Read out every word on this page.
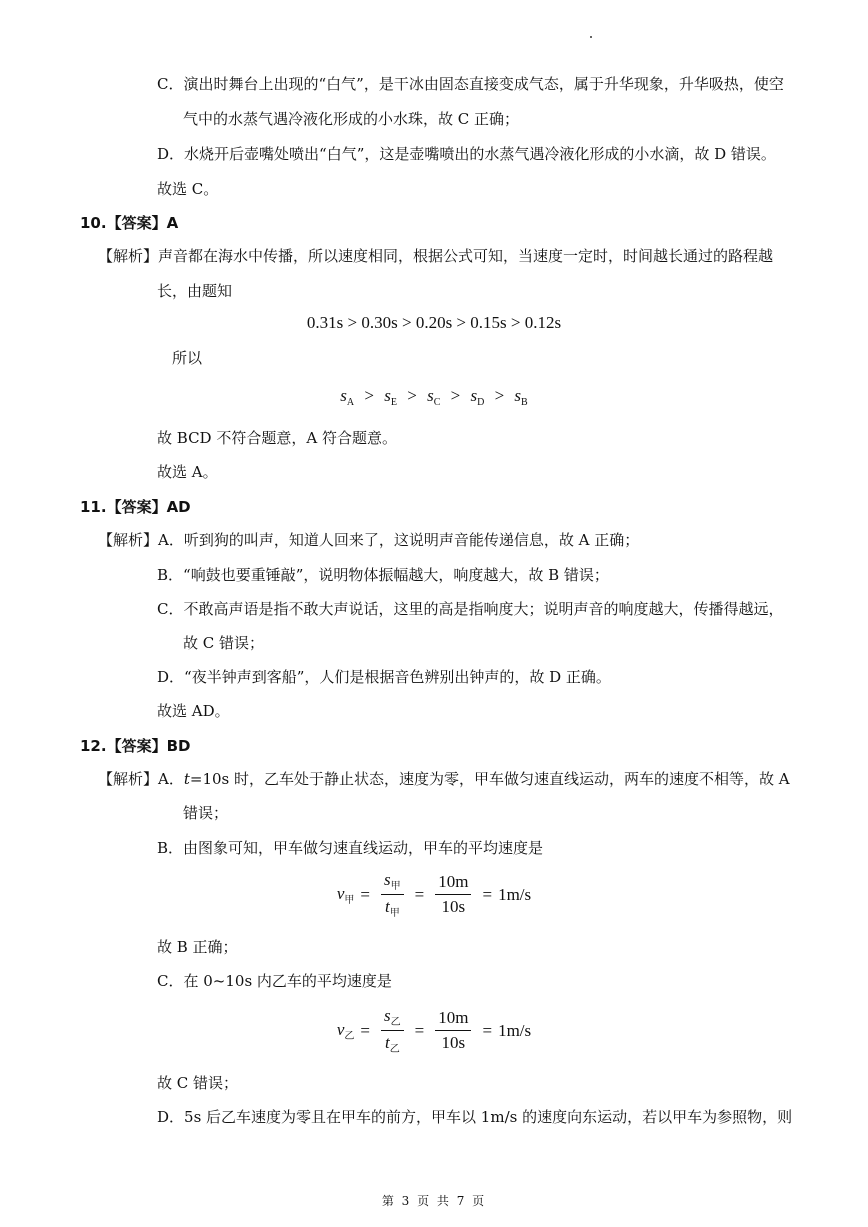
C．演出时舞台上出现的“白气”，是干冰由固态直接变成气态，属于升华现象，升华吸热，使空
气中的水蒸气遇冷液化形成的小水珠，故 C 正确；
D．水烧开后壶嘴处喷出“白气”，这是壶嘴喷出的水蒸气遇冷液化形成的小水滴，故 D 错误。
故选 C。
10.【答案】A
【解析】声音都在海水中传播，所以速度相同，根据公式可知，当速度一定时，时间越长通过的路程越
长，由题知
0.31s > 0.30s > 0.20s > 0.15s > 0.12s
所以
$s_A > s_E > s_C > s_D > s_B$
故 BCD 不符合题意，A 符合题意。
故选 A。
11.【答案】AD
【解析】A．听到狗的叫声，知道人回来了，这说明声音能传递信息，故 A 正确；
B．“响鼓也要重锤敲”，说明物体振幅越大，响度越大，故 B 错误；
C．不敢高声语是指不敢大声说话，这里的高是指响度大；说明声音的响度越大，传播得越远，
故 C 错误；
D．“夜半钟声到客船”，人们是根据音色辨别出钟声的，故 D 正确。
故选 AD。
12.【答案】BD
【解析】A．t=10s 时，乙车处于静止状态，速度为零，甲车做匀速直线运动，两车的速度不相等，故 A
错误；
B．由图象可知，甲车做匀速直线运动，甲车的平均速度是
$v_甲 = \frac{s_甲}{t_甲} = \frac{10m}{10s} = 1m/s$
故 B 正确；
C．在 0~10s 内乙车的平均速度是
$v_乙 = \frac{s_乙}{t_乙} = \frac{10m}{10s} = 1m/s$
故 C 错误；
D．5s 后乙车速度为零且在甲车的前方，甲车以 1m/s 的速度向东运动，若以甲车为参照物，则
第 3 页 共 7 页
